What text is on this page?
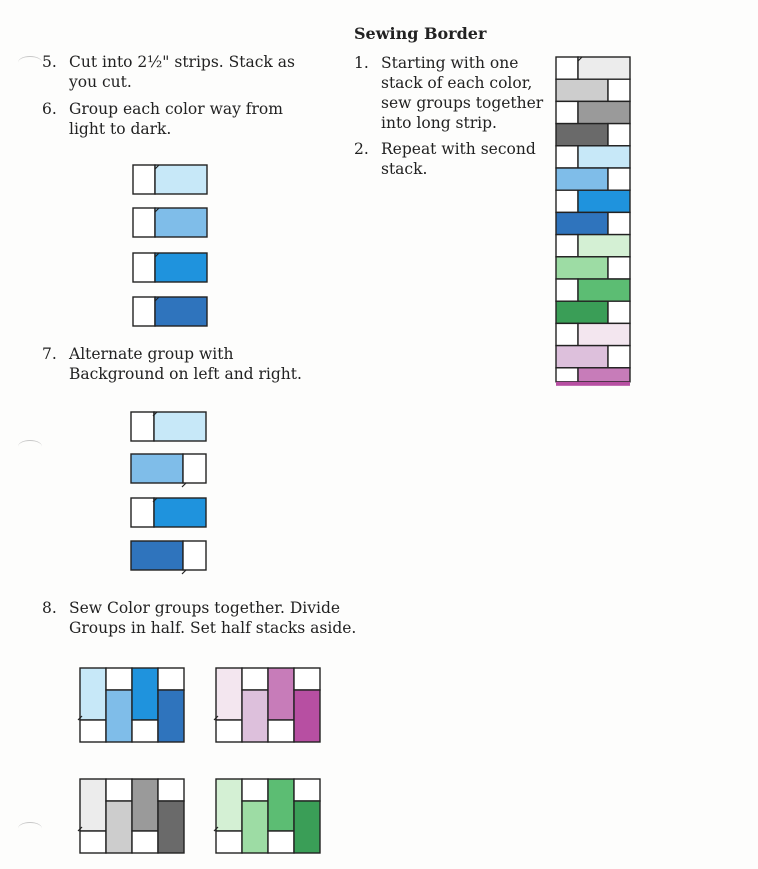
5. Cut into 2½" strips. Stack as
you cut.
6. Group each color way from
light to dark.
7. Alternate group with
Background on left and right.
8. Sew Color groups together. Divide
Groups in half. Set half stacks aside.
Sewing Border
1. Starting with one
stack of each color,
sew groups together
into long strip.
2. Repeat with second
stack.
